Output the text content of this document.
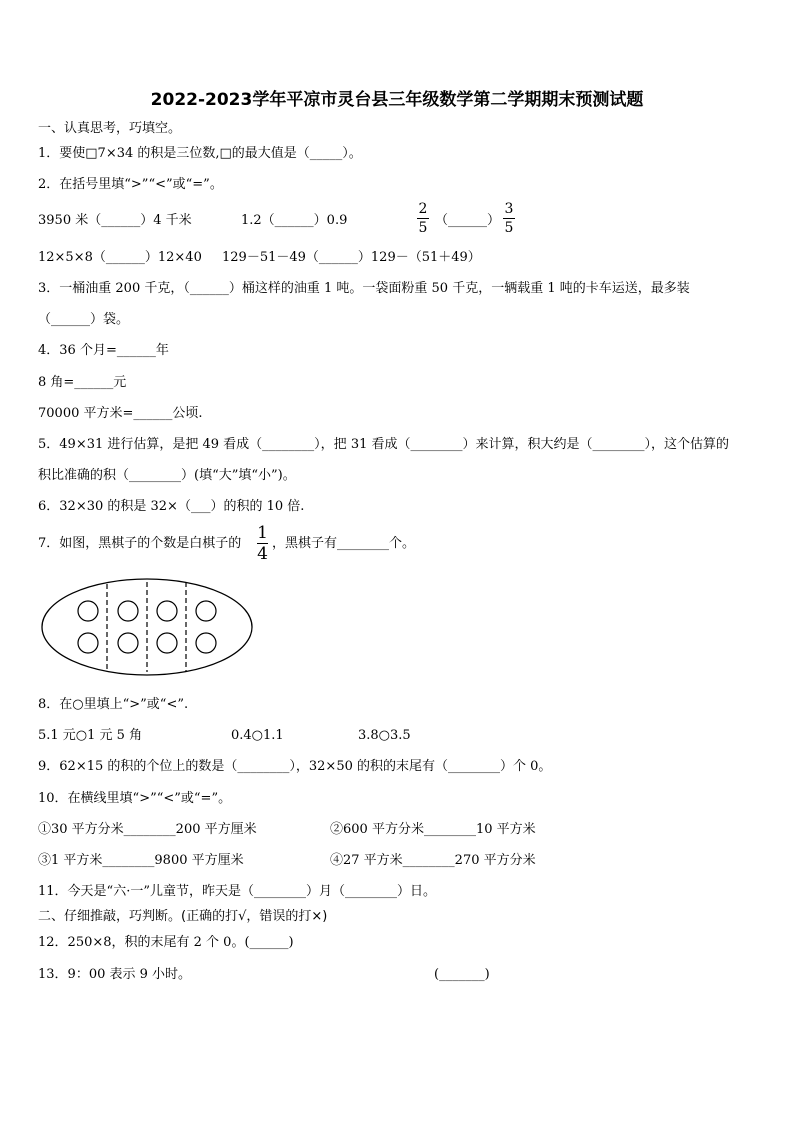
2022-2023学年平凉市灵台县三年级数学第二学期期末预测试题
一、认真思考，巧填空。
1．要使□7×34 的积是三位数,□的最大值是（_____）。
2．在括号里填“>”“<”或“=”。
3950 米（______）4 千米	1.2（______）0.9
2
5 （______）
3
5
12×5×8（______）12×40 129－51－49（______）129－（51＋49）
3．一桶油重 200 千克，（______）桶这样的油重 1 吨。一袋面粉重 50 千克，一辆载重 1 吨的卡车运送，最多装
（______）袋。
4．36 个月=______年
8 角=______元
70000 平方米=______公顷.
5．49×31 进行估算，是把 49 看成（________），把 31 看成（________）来计算，积大约是（________），这个估算的
积比准确的积（________）(填“大”填“小”)。
6．32×30 的积是 32×（___）的积的 10 倍.
7．如图，黑棋子的个数是白棋子的
1
4
，黑棋子有________个。
8．在○里填上“>”或“<”.
5.1 元○1 元 5 角	0.4○1.1	3.8○3.5
9．62×15 的积的个位上的数是（________），32×50 的积的末尾有（________）个 0。
10．在横线里填“>”“<”或“=”。
①30 平方分米________200 平方厘米	②600 平方分米________10 平方米
③1 平方米________9800 平方厘米	④27 平方米________270 平方分米
11．今天是“六·一”儿童节，昨天是（________）月（________）日。
二、仔细推敲，巧判断。(正确的打√，错误的打×)
12．250×8，积的末尾有 2 个 0。(______)
13．9：00 表示 9 小时。	(_______)
